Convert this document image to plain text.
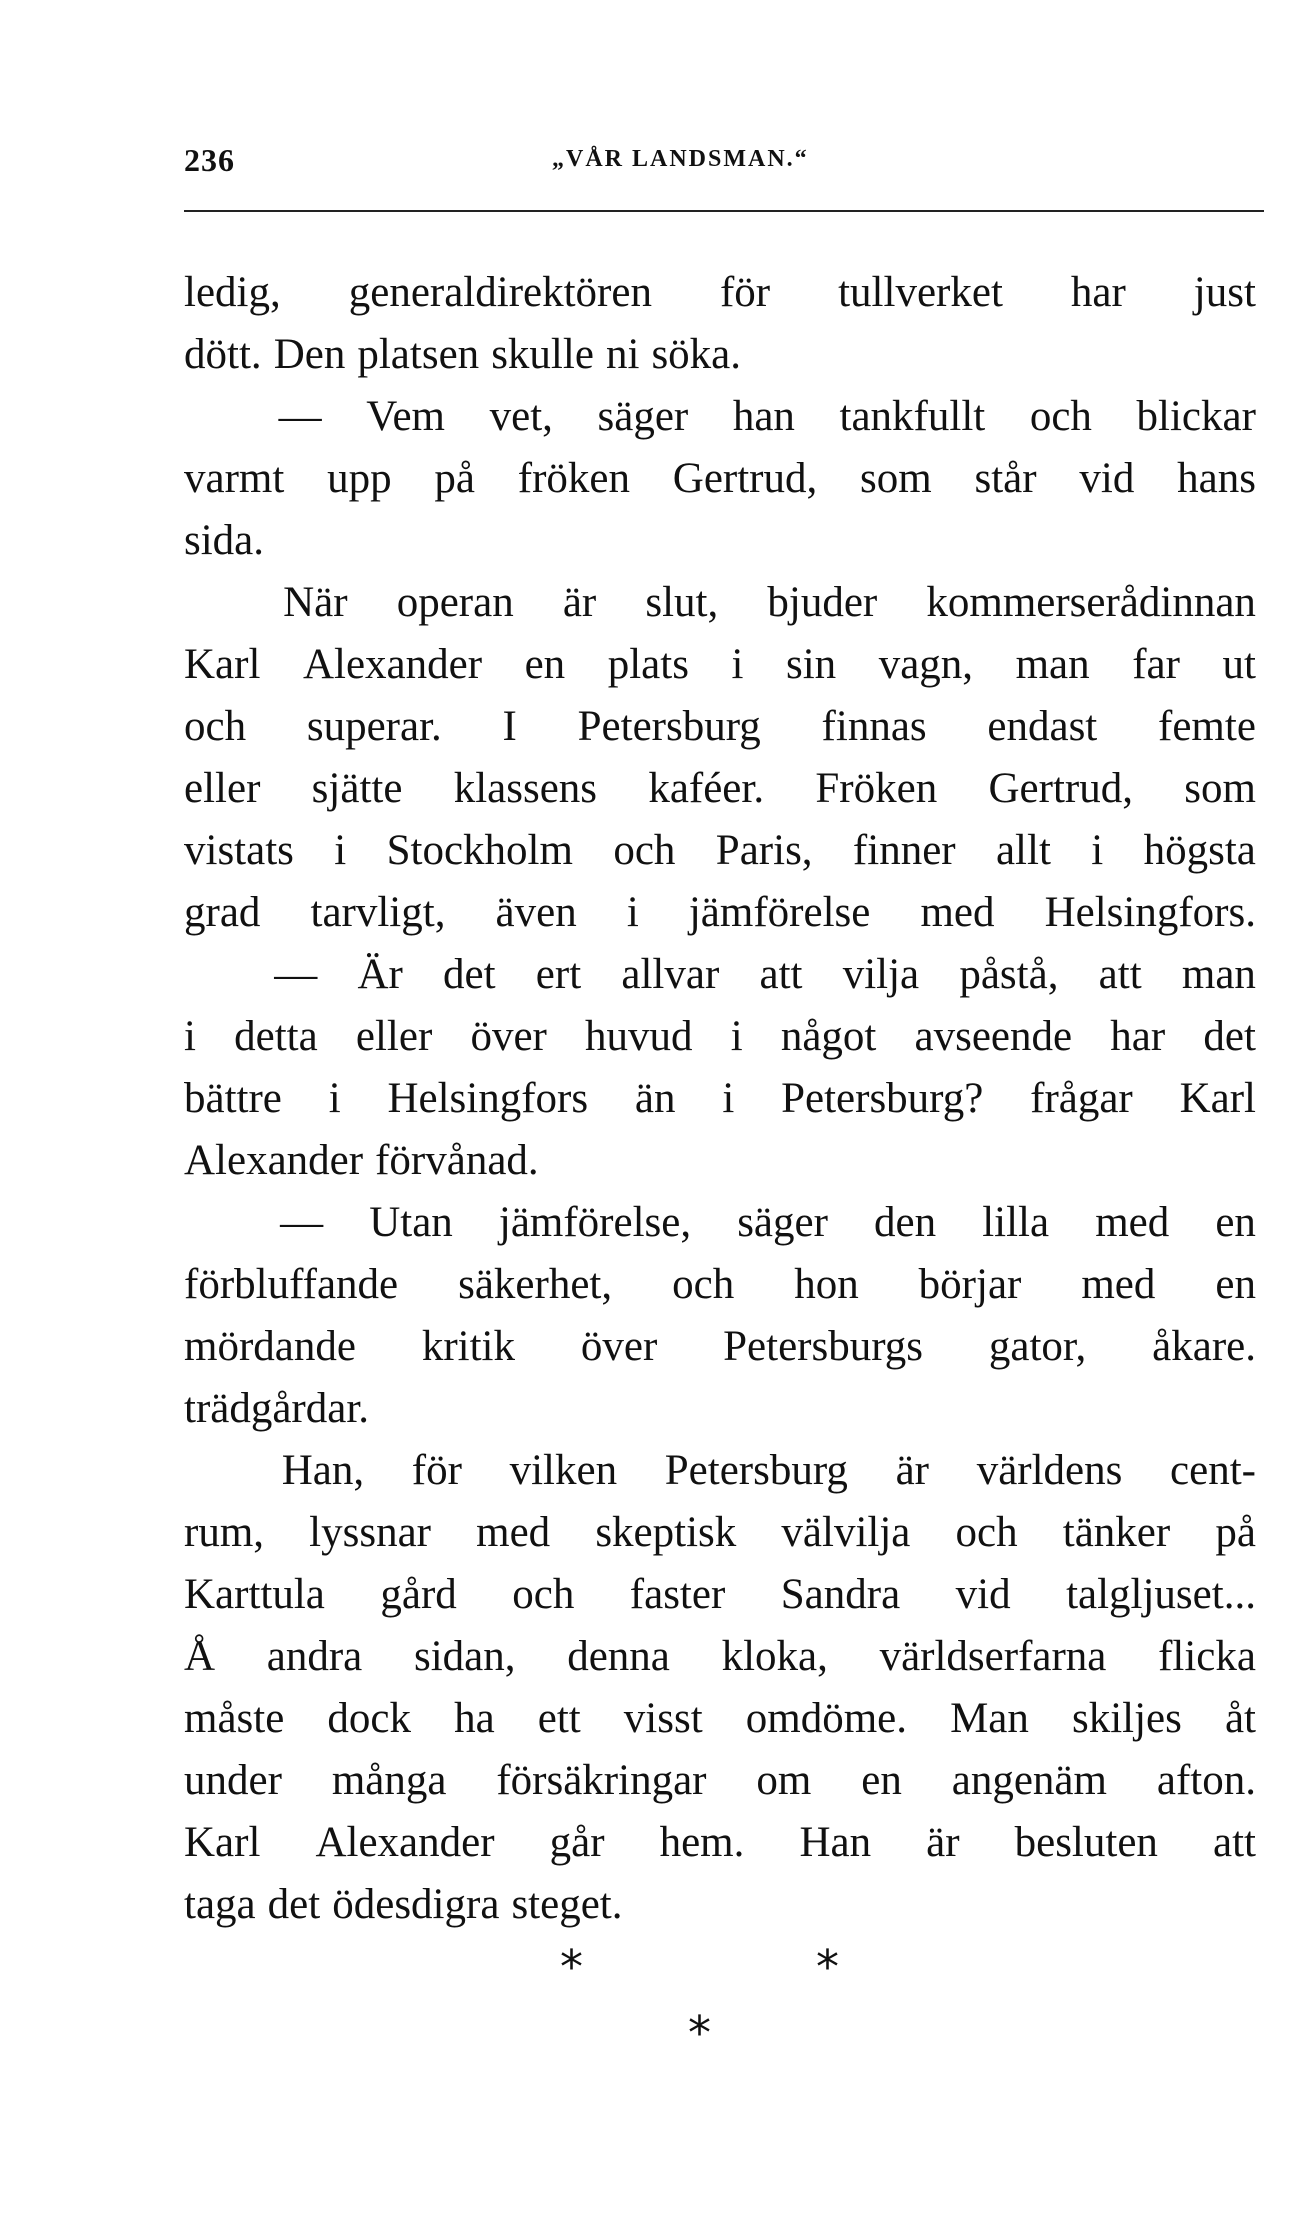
236	„VÅR LANDSMAN.“
ledig, generaldirektören för tullverket har just
dött. Den platsen skulle ni söka.
— Vem vet, säger han tankfullt och blickar
varmt upp på fröken Gertrud, som står vid hans
sida.
När operan är slut, bjuder kommerserådinnan
Karl Alexander en plats i sin vagn, man far ut
och superar. I Petersburg finnas endast femte
eller sjätte klassens kaféer. Fröken Gertrud, som
vistats i Stockholm och Paris, finner allt i högsta
grad tarvligt, även i jämförelse med Helsingfors.
— Är det ert allvar att vilja påstå, att man
i detta eller över huvud i något avseende har det
bättre i Helsingfors än i Petersburg? frågar Karl
Alexander förvånad.
— Utan jämförelse, säger den lilla med en
förbluffande säkerhet, och hon börjar med en
mördande kritik över Petersburgs gator, åkare.
trädgårdar.
Han, för vilken Petersburg är världens cent-
rum, lyssnar med skeptisk välvilja och tänker på
Karttula gård och faster Sandra vid talgljuset...
Å andra sidan, denna kloka, världserfarna flicka
måste dock ha ett visst omdöme. Man skiljes åt
under många försäkringar om en angenäm afton.
Karl Alexander går hem. Han är besluten att
taga det ödesdigra steget.
*	*
*
